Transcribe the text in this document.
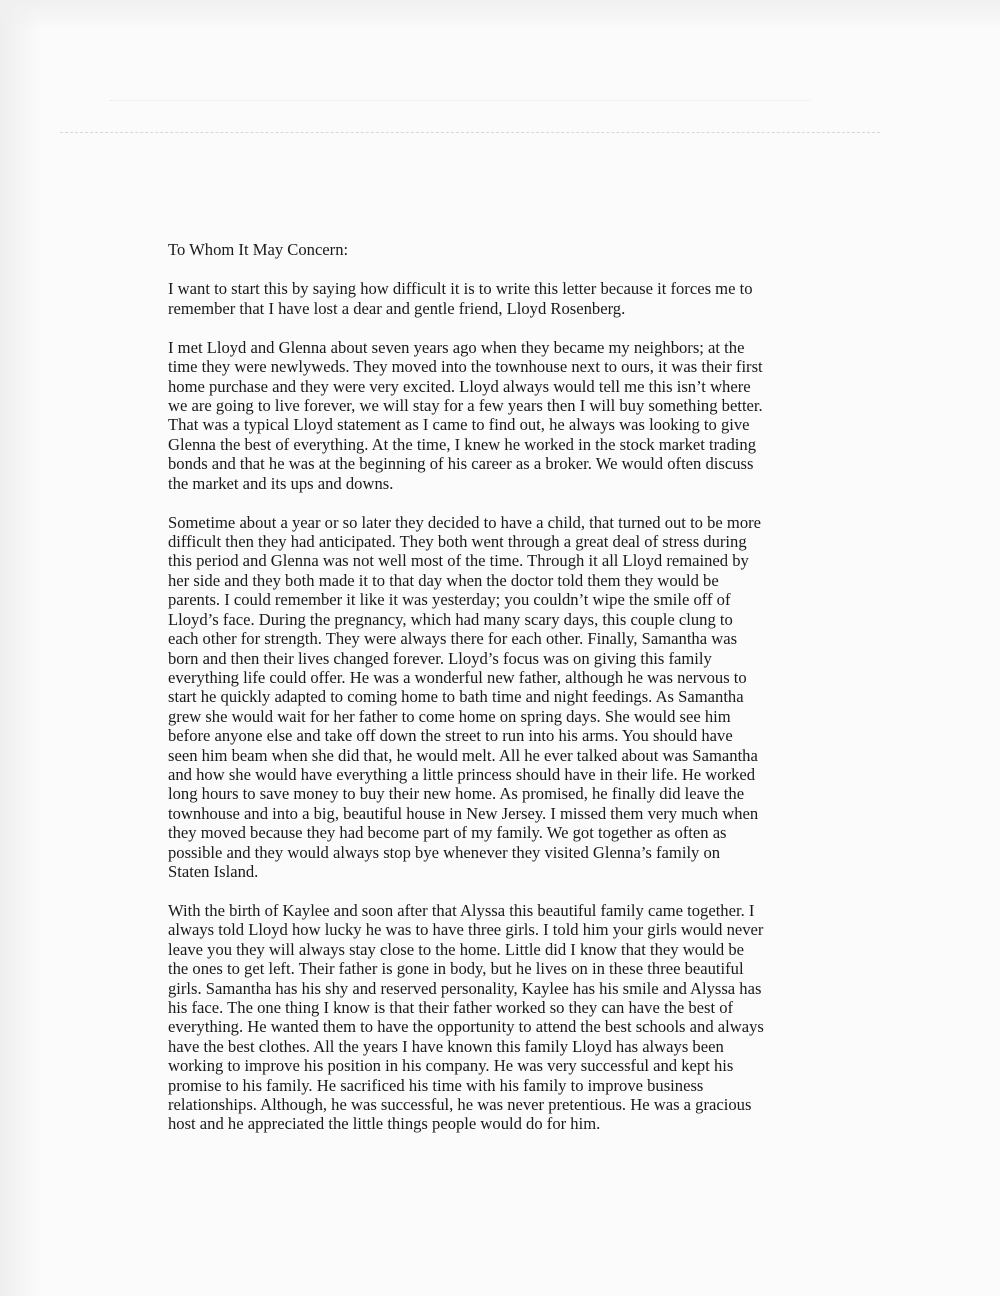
To Whom It May Concern:
I want to start this by saying how difficult it is to write this letter because it forces me to
remember that I have lost a dear and gentle friend, Lloyd Rosenberg.
I met Lloyd and Glenna about seven years ago when they became my neighbors; at the
time they were newlyweds. They moved into the townhouse next to ours, it was their first
home purchase and they were very excited. Lloyd always would tell me this isn’t where
we are going to live forever, we will stay for a few years then I will buy something better.
That was a typical Lloyd statement as I came to find out, he always was looking to give
Glenna the best of everything. At the time, I knew he worked in the stock market trading
bonds and that he was at the beginning of his career as a broker. We would often discuss
the market and its ups and downs.
Sometime about a year or so later they decided to have a child, that turned out to be more
difficult then they had anticipated. They both went through a great deal of stress during
this period and Glenna was not well most of the time. Through it all Lloyd remained by
her side and they both made it to that day when the doctor told them they would be
parents. I could remember it like it was yesterday; you couldn’t wipe the smile off of
Lloyd’s face. During the pregnancy, which had many scary days, this couple clung to
each other for strength. They were always there for each other. Finally, Samantha was
born and then their lives changed forever. Lloyd’s focus was on giving this family
everything life could offer. He was a wonderful new father, although he was nervous to
start he quickly adapted to coming home to bath time and night feedings. As Samantha
grew she would wait for her father to come home on spring days. She would see him
before anyone else and take off down the street to run into his arms. You should have
seen him beam when she did that, he would melt. All he ever talked about was Samantha
and how she would have everything a little princess should have in their life. He worked
long hours to save money to buy their new home. As promised, he finally did leave the
townhouse and into a big, beautiful house in New Jersey. I missed them very much when
they moved because they had become part of my family. We got together as often as
possible and they would always stop bye whenever they visited Glenna’s family on
Staten Island.
With the birth of Kaylee and soon after that Alyssa this beautiful family came together. I
always told Lloyd how lucky he was to have three girls. I told him your girls would never
leave you they will always stay close to the home. Little did I know that they would be
the ones to get left. Their father is gone in body, but he lives on in these three beautiful
girls. Samantha has his shy and reserved personality, Kaylee has his smile and Alyssa has
his face. The one thing I know is that their father worked so they can have the best of
everything. He wanted them to have the opportunity to attend the best schools and always
have the best clothes. All the years I have known this family Lloyd has always been
working to improve his position in his company. He was very successful and kept his
promise to his family. He sacrificed his time with his family to improve business
relationships. Although, he was successful, he was never pretentious. He was a gracious
host and he appreciated the little things people would do for him.
